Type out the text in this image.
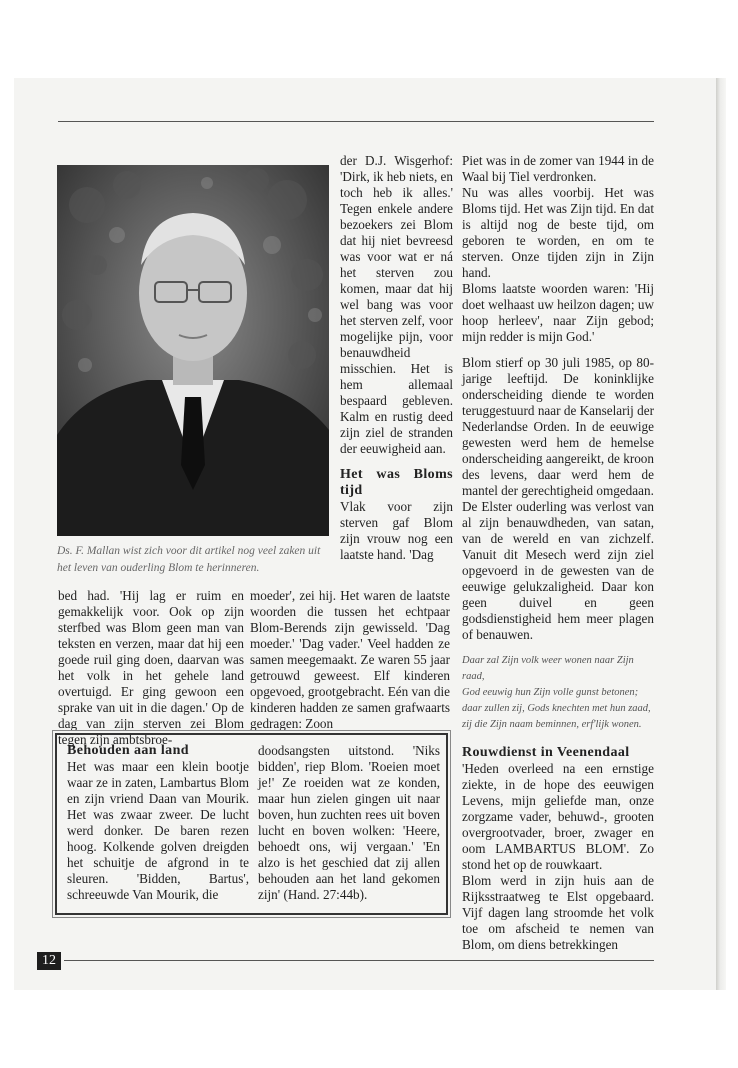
Ds. F. Mallan wist zich voor dit artikel nog veel zaken uit het leven van ouderling Blom te herinneren.

der D.J. Wisgerhof: 'Dirk, ik heb niets, en toch heb ik alles.' Tegen enkele andere bezoekers zei Blom dat hij niet bevreesd was voor wat er ná het sterven zou komen, maar dat hij wel bang was voor het sterven zelf, voor mogelijke pijn, voor benauwdheid misschien. Het is hem allemaal bespaard gebleven. Kalm en rustig deed zijn ziel de stranden der eeuwigheid aan.

Het was Bloms tijd

Vlak voor zijn sterven gaf Blom zijn vrouw nog een laatste hand. 'Dag

Piet was in de zomer van 1944 in de Waal bij Tiel verdronken.

Nu was alles voorbij. Het was Bloms tijd. Het was Zijn tijd. En dat is altijd nog de beste tijd, om geboren te worden, en om te sterven. Onze tijden zijn in Zijn hand.

Bloms laatste woorden waren: 'Hij doet welhaast uw heilzon dagen; uw hoop herleev', naar Zijn gebod; mijn redder is mijn God.'

Blom stierf op 30 juli 1985, op 80-jarige leeftijd. De koninklijke onderscheiding diende te worden teruggestuurd naar de Kanselarij der Nederlandse Orden. In de eeuwige gewesten werd hem de hemelse onderscheiding aangereikt, de kroon des levens, daar werd hem de mantel der gerechtigheid omgedaan.

De Elster ouderling was verlost van al zijn benauwdheden, van satan, van de wereld en van zichzelf. Vanuit dit Mesech werd zijn ziel opgevoerd in de gewesten van de eeuwige gelukzaligheid. Daar kon geen duivel en geen godsdienstigheid hem meer plagen of benauwen.

Daar zal Zijn volk weer wonen naar Zijn raad,

God eeuwig hun Zijn volle gunst betonen;

daar zullen zij, Gods knechten met hun zaad,

zij die Zijn naam beminnen, erf'lijk wonen.

Rouwdienst in Veenendaal

'Heden overleed na een ernstige ziekte, in de hope des eeuwigen Levens, mijn geliefde man, onze zorgzame vader, behuwd-, grooten overgrootvader, broer, zwager en oom LAMBARTUS BLOM'. Zo stond het op de rouwkaart.

Blom werd in zijn huis aan de Rijksstraatweg te Elst opgebaard. Vijf dagen lang stroomde het volk toe om afscheid te nemen van Blom, om diens betrekkingen

bed had. 'Hij lag er ruim en gemakkelijk voor. Ook op zijn sterfbed was Blom geen man van teksten en verzen, maar dat hij een goede ruil ging doen, daarvan was het volk in het gehele land overtuigd. Er ging gewoon een sprake van uit in die dagen.' Op de dag van zijn sterven zei Blom tegen zijn ambtsbroe-

moeder', zei hij. Het waren de laatste woorden die tussen het echtpaar Blom-Berends zijn gewisseld. 'Dag moeder.' 'Dag vader.' Veel hadden ze samen meegemaakt. Ze waren 55 jaar getrouwd geweest. Elf kinderen opgevoed, grootgebracht. Eén van die kinderen hadden ze samen grafwaarts gedragen: Zoon

Behouden aan land

Het was maar een klein bootje waar ze in zaten, Lambartus Blom en zijn vriend Daan van Mourik. Het was zwaar zweer. De lucht werd donker. De baren rezen hoog. Kolkende golven dreigden het schuitje de afgrond in te sleuren. 'Bidden, Bartus', schreeuwde Van Mourik, die

doodsangsten uitstond. 'Niks bidden', riep Blom. 'Roeien moet je!' Ze roeiden wat ze konden, maar hun zielen gingen uit naar boven, hun zuchten rees uit boven lucht en boven wolken: 'Heere, behoedt ons, wij vergaan.' 'En alzo is het geschied dat zij allen behouden aan het land gekomen zijn' (Hand. 27:44b).

12
